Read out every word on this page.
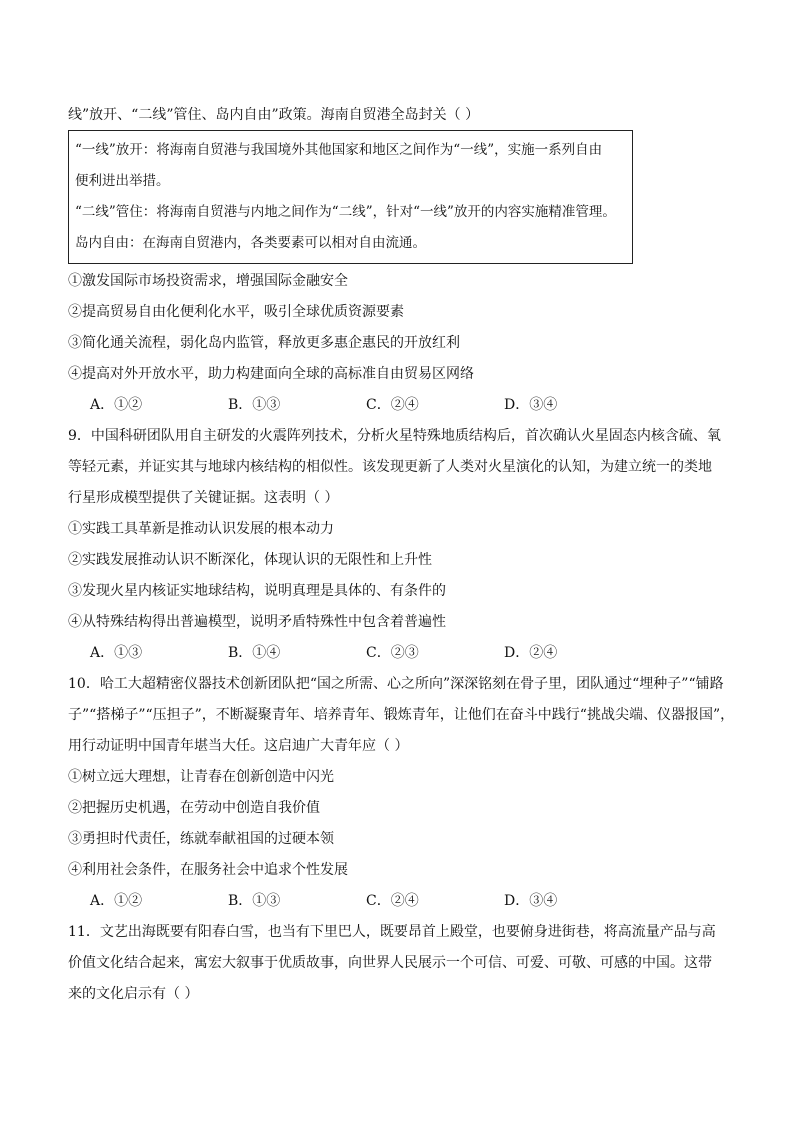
线”放开、“二线”管住、岛内自由”政策。海南自贸港全岛封关（ ）
“一线”放开：将海南自贸港与我国境外其他国家和地区之间作为“一线”，实施一系列自由
便利进出举措。
“二线”管住：将海南自贸港与内地之间作为“二线”，针对“一线”放开的内容实施精准管理。
岛内自由：在海南自贸港内，各类要素可以相对自由流通。
①激发国际市场投资需求，增强国际金融安全
②提高贸易自由化便利化水平，吸引全球优质资源要素
③简化通关流程，弱化岛内监管，释放更多惠企惠民的开放红利
④提高对外开放水平，助力构建面向全球的高标准自由贸易区网络
A．①②	B．①③	C．②④	D．③④
9．中国科研团队用自主研发的火震阵列技术，分析火星特殊地质结构后，首次确认火星固态内核含硫、氧
等轻元素，并证实其与地球内核结构的相似性。该发现更新了人类对火星演化的认知，为建立统一的类地
行星形成模型提供了关键证据。这表明（ ）
①实践工具革新是推动认识发展的根本动力
②实践发展推动认识不断深化，体现认识的无限性和上升性
③发现火星内核证实地球结构，说明真理是具体的、有条件的
④从特殊结构得出普遍模型，说明矛盾特殊性中包含着普遍性
A．①③	B．①④	C．②③	D．②④
10．哈工大超精密仪器技术创新团队把“国之所需、心之所向”深深铭刻在骨子里，团队通过“埋种子”“铺路
子”“搭梯子”“压担子”，不断凝聚青年、培养青年、锻炼青年，让他们在奋斗中践行“挑战尖端、仪器报国”，
用行动证明中国青年堪当大任。这启迪广大青年应（ ）
①树立远大理想，让青春在创新创造中闪光
②把握历史机遇，在劳动中创造自我价值
③勇担时代责任，练就奉献祖国的过硬本领
④利用社会条件，在服务社会中追求个性发展
A．①②	B．①③	C．②④	D．③④
11．文艺出海既要有阳春白雪，也当有下里巴人，既要昂首上殿堂，也要俯身进街巷，将高流量产品与高
价值文化结合起来，寓宏大叙事于优质故事，向世界人民展示一个可信、可爱、可敬、可感的中国。这带
来的文化启示有（ ）
